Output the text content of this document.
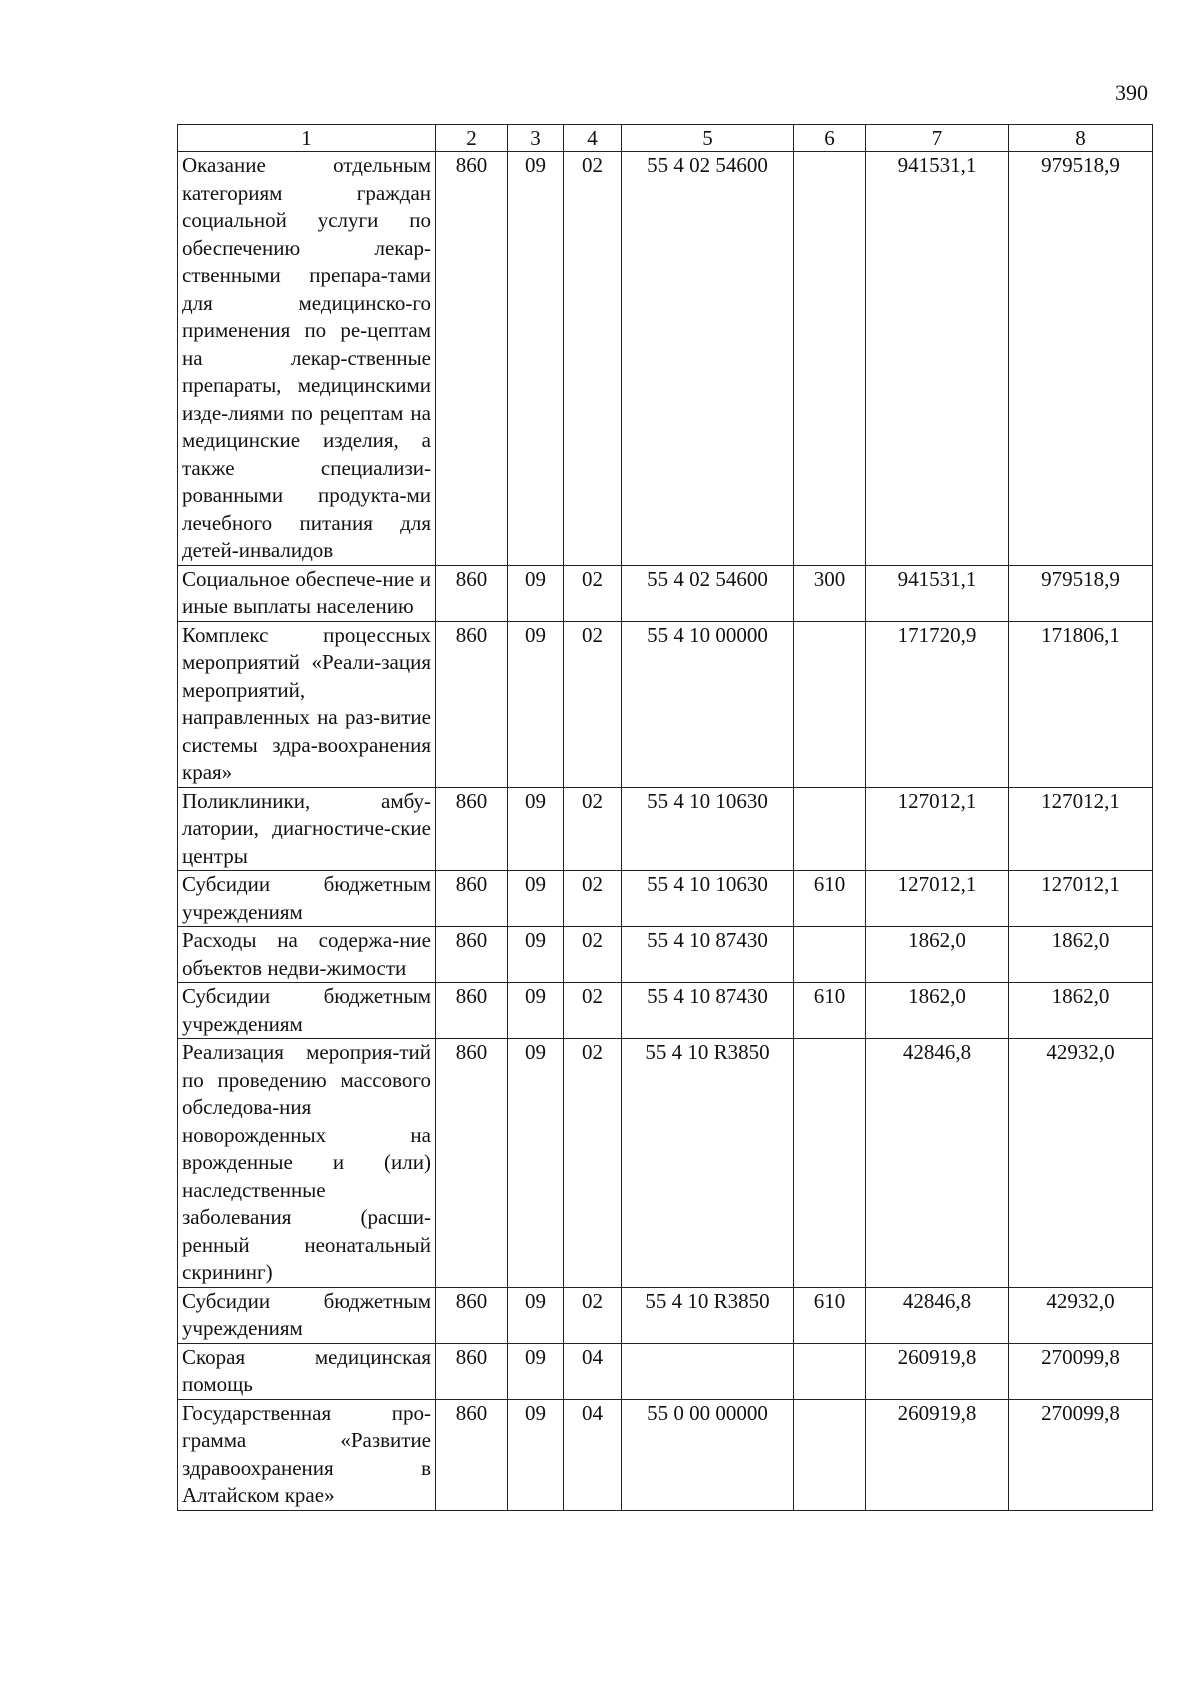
390
1	2	3	4	5	6	7	8
Оказание отдельным категориям граждан социальной услуги по обеспечению лекар-ственными препара-тами для медицинско-го применения по ре-цептам на лекар-ственные препараты, медицинскими изде-лиями по рецептам на медицинские изделия, а также специализи-рованными продукта-ми лечебного питания для детей-инвалидов	860	09	02	55 4 02 54600		941531,1	979518,9
Социальное обеспече-ние и иные выплаты населению	860	09	02	55 4 02 54600	300	941531,1	979518,9
Комплекс процессных мероприятий «Реали-зация мероприятий, направленных на раз-витие системы здра-воохранения края»	860	09	02	55 4 10 00000		171720,9	171806,1
Поликлиники, амбу-латории, диагностиче-ские центры	860	09	02	55 4 10 10630		127012,1	127012,1
Субсидии бюджетным учреждениям	860	09	02	55 4 10 10630	610	127012,1	127012,1
Расходы на содержа-ние объектов недви-жимости	860	09	02	55 4 10 87430		1862,0	1862,0
Субсидии бюджетным учреждениям	860	09	02	55 4 10 87430	610	1862,0	1862,0
Реализация мероприя-тий по проведению массового обследова-ния новорожденных на врожденные и (или) наследственные заболевания (расши-ренный неонатальный скрининг)	860	09	02	55 4 10 R3850		42846,8	42932,0
Субсидии бюджетным учреждениям	860	09	02	55 4 10 R3850	610	42846,8	42932,0
Скорая медицинская помощь	860	09	04			260919,8	270099,8
Государственная про-грамма «Развитие здравоохранения в Алтайском крае»	860	09	04	55 0 00 00000		260919,8	270099,8
